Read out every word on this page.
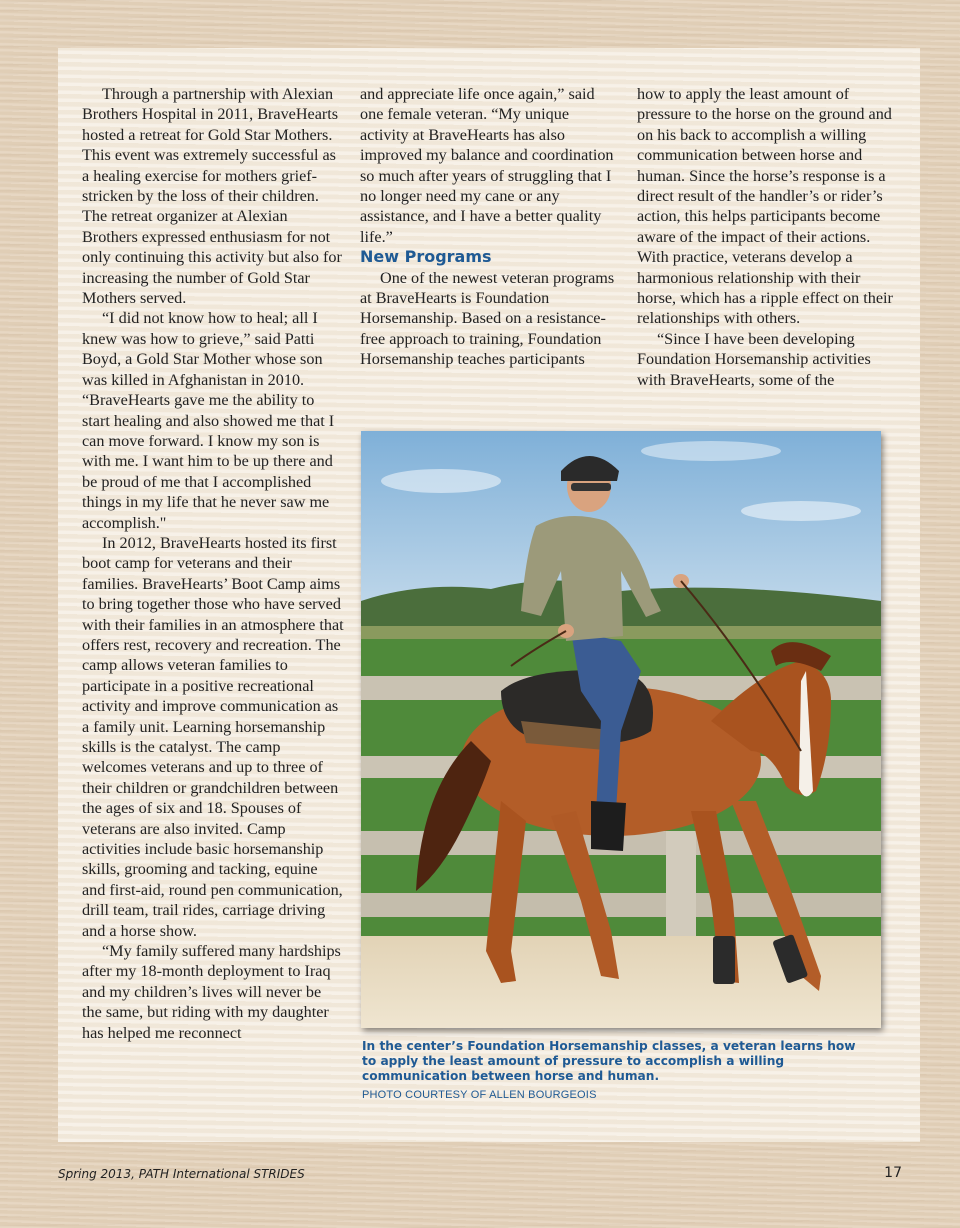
Through a partnership with Alexian Brothers Hospital in 2011, BraveHearts hosted a retreat for Gold Star Mothers. This event was extremely successful as a healing exercise for mothers grief-stricken by the loss of their children. The retreat organizer at Alexian Brothers expressed enthusiasm for not only continuing this activity but also for increasing the number of Gold Star Mothers served.

“I did not know how to heal; all I knew was how to grieve,” said Patti Boyd, a Gold Star Mother whose son was killed in Afghanistan in 2010. “BraveHearts gave me the ability to start healing and also showed me that I can move forward. I know my son is with me. I want him to be up there and be proud of me that I accomplished things in my life that he never saw me accomplish."

In 2012, BraveHearts hosted its first boot camp for veterans and their families. BraveHearts’ Boot Camp aims to bring together those who have served with their families in an atmosphere that offers rest, recovery and recreation. The camp allows veteran families to participate in a positive recreational activity and improve communication as a family unit. Learning horsemanship skills is the catalyst. The camp welcomes veterans and up to three of their children or grandchildren between the ages of six and 18. Spouses of veterans are also invited. Camp activities include basic horsemanship skills, grooming and tacking, equine and first-aid, round pen communication, drill team, trail rides, carriage driving and a horse show.

“My family suffered many hardships after my 18-month deployment to Iraq and my children’s lives will never be the same, but riding with my daughter has helped me reconnect

and appreciate life once again,” said one female veteran. “My unique activity at BraveHearts has also improved my balance and coordination so much after years of struggling that I no longer need my cane or any assistance, and I have a better quality life.”

New Programs

One of the newest veteran programs at BraveHearts is Foundation Horsemanship. Based on a resistance-free approach to training, Foundation Horsemanship teaches participants

how to apply the least amount of pressure to the horse on the ground and on his back to accomplish a willing communication between horse and human. Since the horse’s response is a direct result of the handler’s or rider’s action, this helps participants become aware of the impact of their actions. With practice, veterans develop a harmonious relationship with their horse, which has a ripple effect on their relationships with others.

“Since I have been developing Foundation Horsemanship activities with BraveHearts, some of the

In the center’s Foundation Horsemanship classes, a veteran learns how to apply the least amount of pressure to accomplish a willing communication between horse and human.
PHOTO COURTESY OF ALLEN BOURGEOIS
Spring 2013, PATH International STRIDES	17
